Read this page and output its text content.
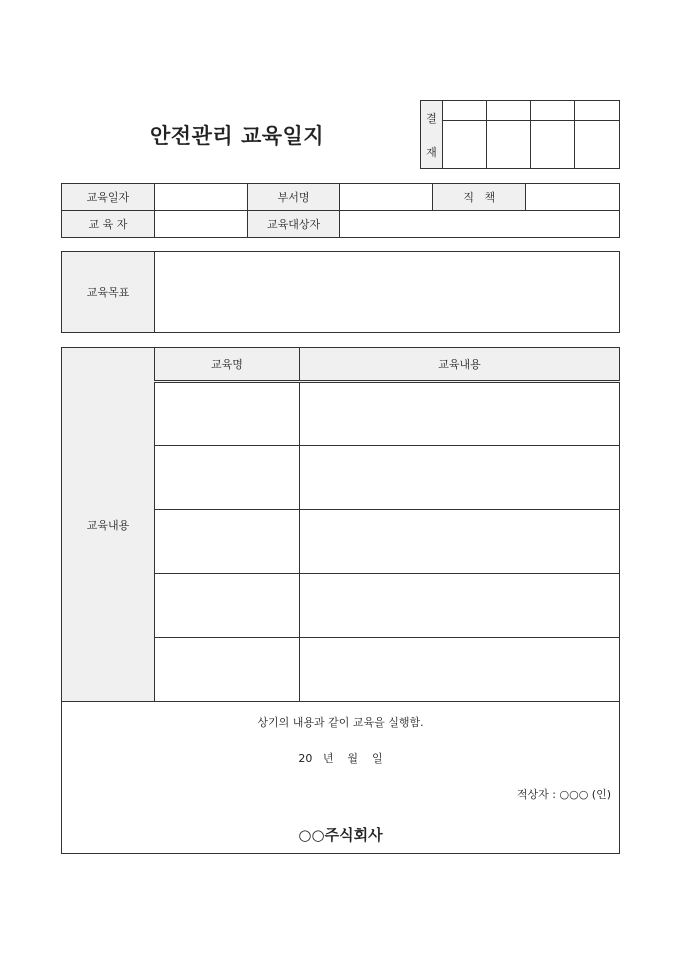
안전관리 교육일지
결
재				

교육일자		부서명		직   책	
교 육 자		교육대상자			
교육목표	
교육내용	교육명	교육내용

상기의 내용과 같이 교육을 실행함.
20   년    월    일
적상자 : ○○○ (인)
○○주식회사		
